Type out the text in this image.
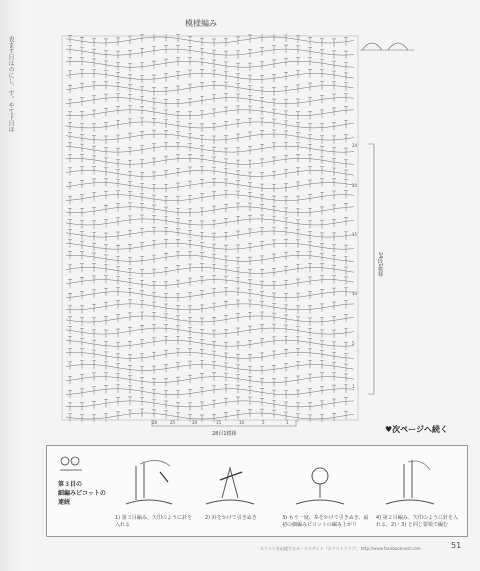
表ます目はのにし、す。やて下目ほ
模様編み
24
20
15
10
5
1
24段1模様
28	25	20	15	10	5	1
28目1模様	♥次ページへ続く
第３目の
細編みピコットの
連続
1) 第３目編み、矢印のように針を入れる
2) 針をかけて引きぬき	3) もう一度、糸をかけて引きぬき、最初の細編みピコットの編み上がり
4) 第２目編み、矢印のように針を入れる。2)・3) と同じ要領で編む
ネクストを応援するポータルサイト「ネクストクラブ」 http://www.facebooknext.com	51
